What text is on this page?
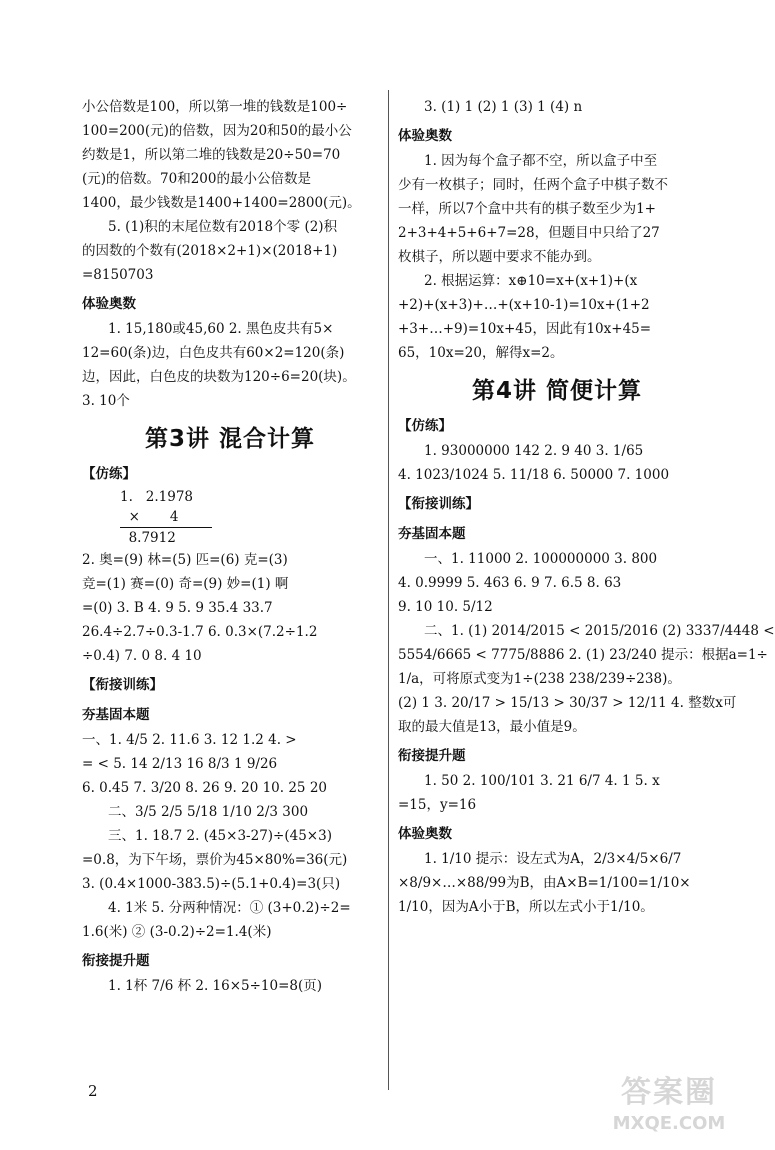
小公倍数是100，所以第一堆的钱数是100÷
100=200(元)的倍数，因为20和50的最小公
约数是1，所以第二堆的钱数是20÷50=70
(元)的倍数。70和200的最小公倍数是
1400，最少钱数是1400+1400=2800(元)。
5. (1)积的末尾位数有2018个零 (2)积
的因数的个数有(2018×2+1)×(2018+1)
=8150703
体验奥数
1. 15,180或45,60 2. 黑色皮共有5×
12=60(条)边，白色皮共有60×2=120(条)
边，因此，白色皮的块数为120÷6=20(块)。
3. 10个
第3讲 混合计算
【仿练】
1.   2.1978
×       4
8.7912
2. 奥=(9) 林=(5) 匹=(6) 克=(3)
竞=(1) 赛=(0) 奇=(9) 妙=(1) 啊
=(0) 3. B 4. 9 5. 9 35.4 33.7
26.4÷2.7÷0.3-1.7 6. 0.3×(7.2÷1.2
÷0.4) 7. 0 8. 4 10
【衔接训练】
夯基固本题
一、1. 4/5 2. 11.6 3. 12 1.2 4. >
= < 5. 14 2/13 16 8/3 1 9/26
6. 0.45 7. 3/20 8. 26 9. 20 10. 25 20
二、3/5 2/5 5/18 1/10 2/3 300
三、1. 18.7 2. (45×3-27)÷(45×3)
=0.8，为下午场，票价为45×80%=36(元)
3. (0.4×1000-383.5)÷(5.1+0.4)=3(只)
4. 1米 5. 分两种情况：① (3+0.2)÷2=
1.6(米) ② (3-0.2)÷2=1.4(米)
衔接提升题
1. 1杯 7/6 杯 2. 16×5÷10=8(页)
3. (1) 1 (2) 1 (3) 1 (4) n
体验奥数
1. 因为每个盒子都不空，所以盒子中至
少有一枚棋子；同时，任两个盒子中棋子数不
一样，所以7个盒中共有的棋子数至少为1+
2+3+4+5+6+7=28，但题目中只给了27
枚棋子，所以题中要求不能办到。
2. 根据运算：x⊕10=x+(x+1)+(x
+2)+(x+3)+…+(x+10-1)=10x+(1+2
+3+…+9)=10x+45，因此有10x+45=
65，10x=20，解得x=2。
第4讲 简便计算
【仿练】
1. 93000000 142 2. 9 40 3. 1/65
4. 1023/1024 5. 11/18 6. 50000 7. 1000
【衔接训练】
夯基固本题
一、1. 11000 2. 100000000 3. 800
4. 0.9999 5. 463 6. 9 7. 6.5 8. 63
9. 10 10. 5/12
二、1. (1) 2014/2015 < 2015/2016 (2) 3337/4448 <
5554/6665 < 7775/8886 2. (1) 23/240 提示：根据a=1÷
1/a，可将原式变为1÷(238 238/239÷238)。
(2) 1 3. 20/17 > 15/13 > 30/37 > 12/11 4. 整数x可
取的最大值是13，最小值是9。
衔接提升题
1. 50 2. 100/101 3. 21 6/7 4. 1 5. x
=15，y=16
体验奥数
1. 1/10 提示：设左式为A，2/3×4/5×6/7
×8/9×…×88/99为B，由A×B=1/100=1/10×
1/10，因为A小于B，所以左式小于1/10。
2	答案圈
MXQE.COM
